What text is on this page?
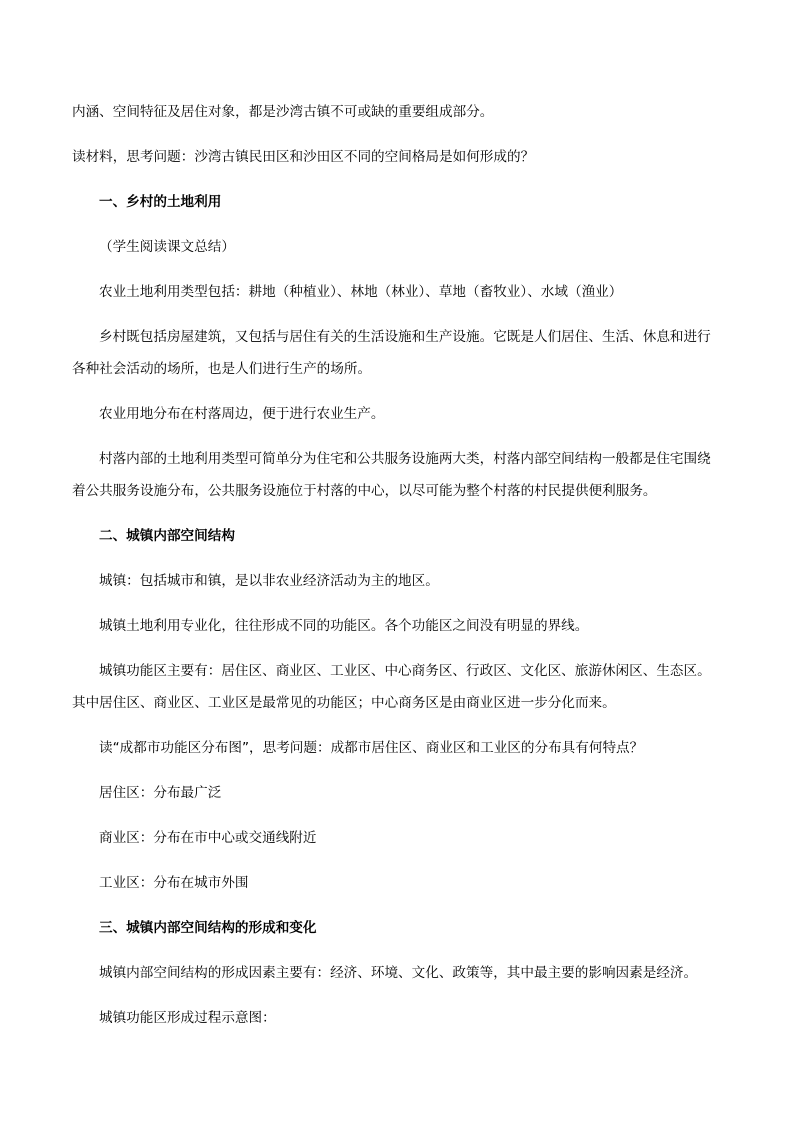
内涵、空间特征及居住对象，都是沙湾古镇不可或缺的重要组成部分。

读材料，思考问题：沙湾古镇民田区和沙田区不同的空间格局是如何形成的？

一、乡村的土地利用

（学生阅读课文总结）

农业土地利用类型包括：耕地（种植业）、林地（林业）、草地（畜牧业）、水域（渔业）

乡村既包括房屋建筑，又包括与居住有关的生活设施和生产设施。它既是人们居住、生活、休息和进行各种社会活动的场所，也是人们进行生产的场所。

农业用地分布在村落周边，便于进行农业生产。

村落内部的土地利用类型可简单分为住宅和公共服务设施两大类，村落内部空间结构一般都是住宅围绕着公共服务设施分布，公共服务设施位于村落的中心，以尽可能为整个村落的村民提供便利服务。

二、城镇内部空间结构

城镇：包括城市和镇，是以非农业经济活动为主的地区。

城镇土地利用专业化，往往形成不同的功能区。各个功能区之间没有明显的界线。

城镇功能区主要有：居住区、商业区、工业区、中心商务区、行政区、文化区、旅游休闲区、生态区。其中居住区、商业区、工业区是最常见的功能区；中心商务区是由商业区进一步分化而来。

读“成都市功能区分布图”，思考问题：成都市居住区、商业区和工业区的分布具有何特点？

居住区：分布最广泛

商业区：分布在市中心或交通线附近

工业区：分布在城市外围

三、城镇内部空间结构的形成和变化

城镇内部空间结构的形成因素主要有：经济、环境、文化、政策等，其中最主要的影响因素是经济。

城镇功能区形成过程示意图：
